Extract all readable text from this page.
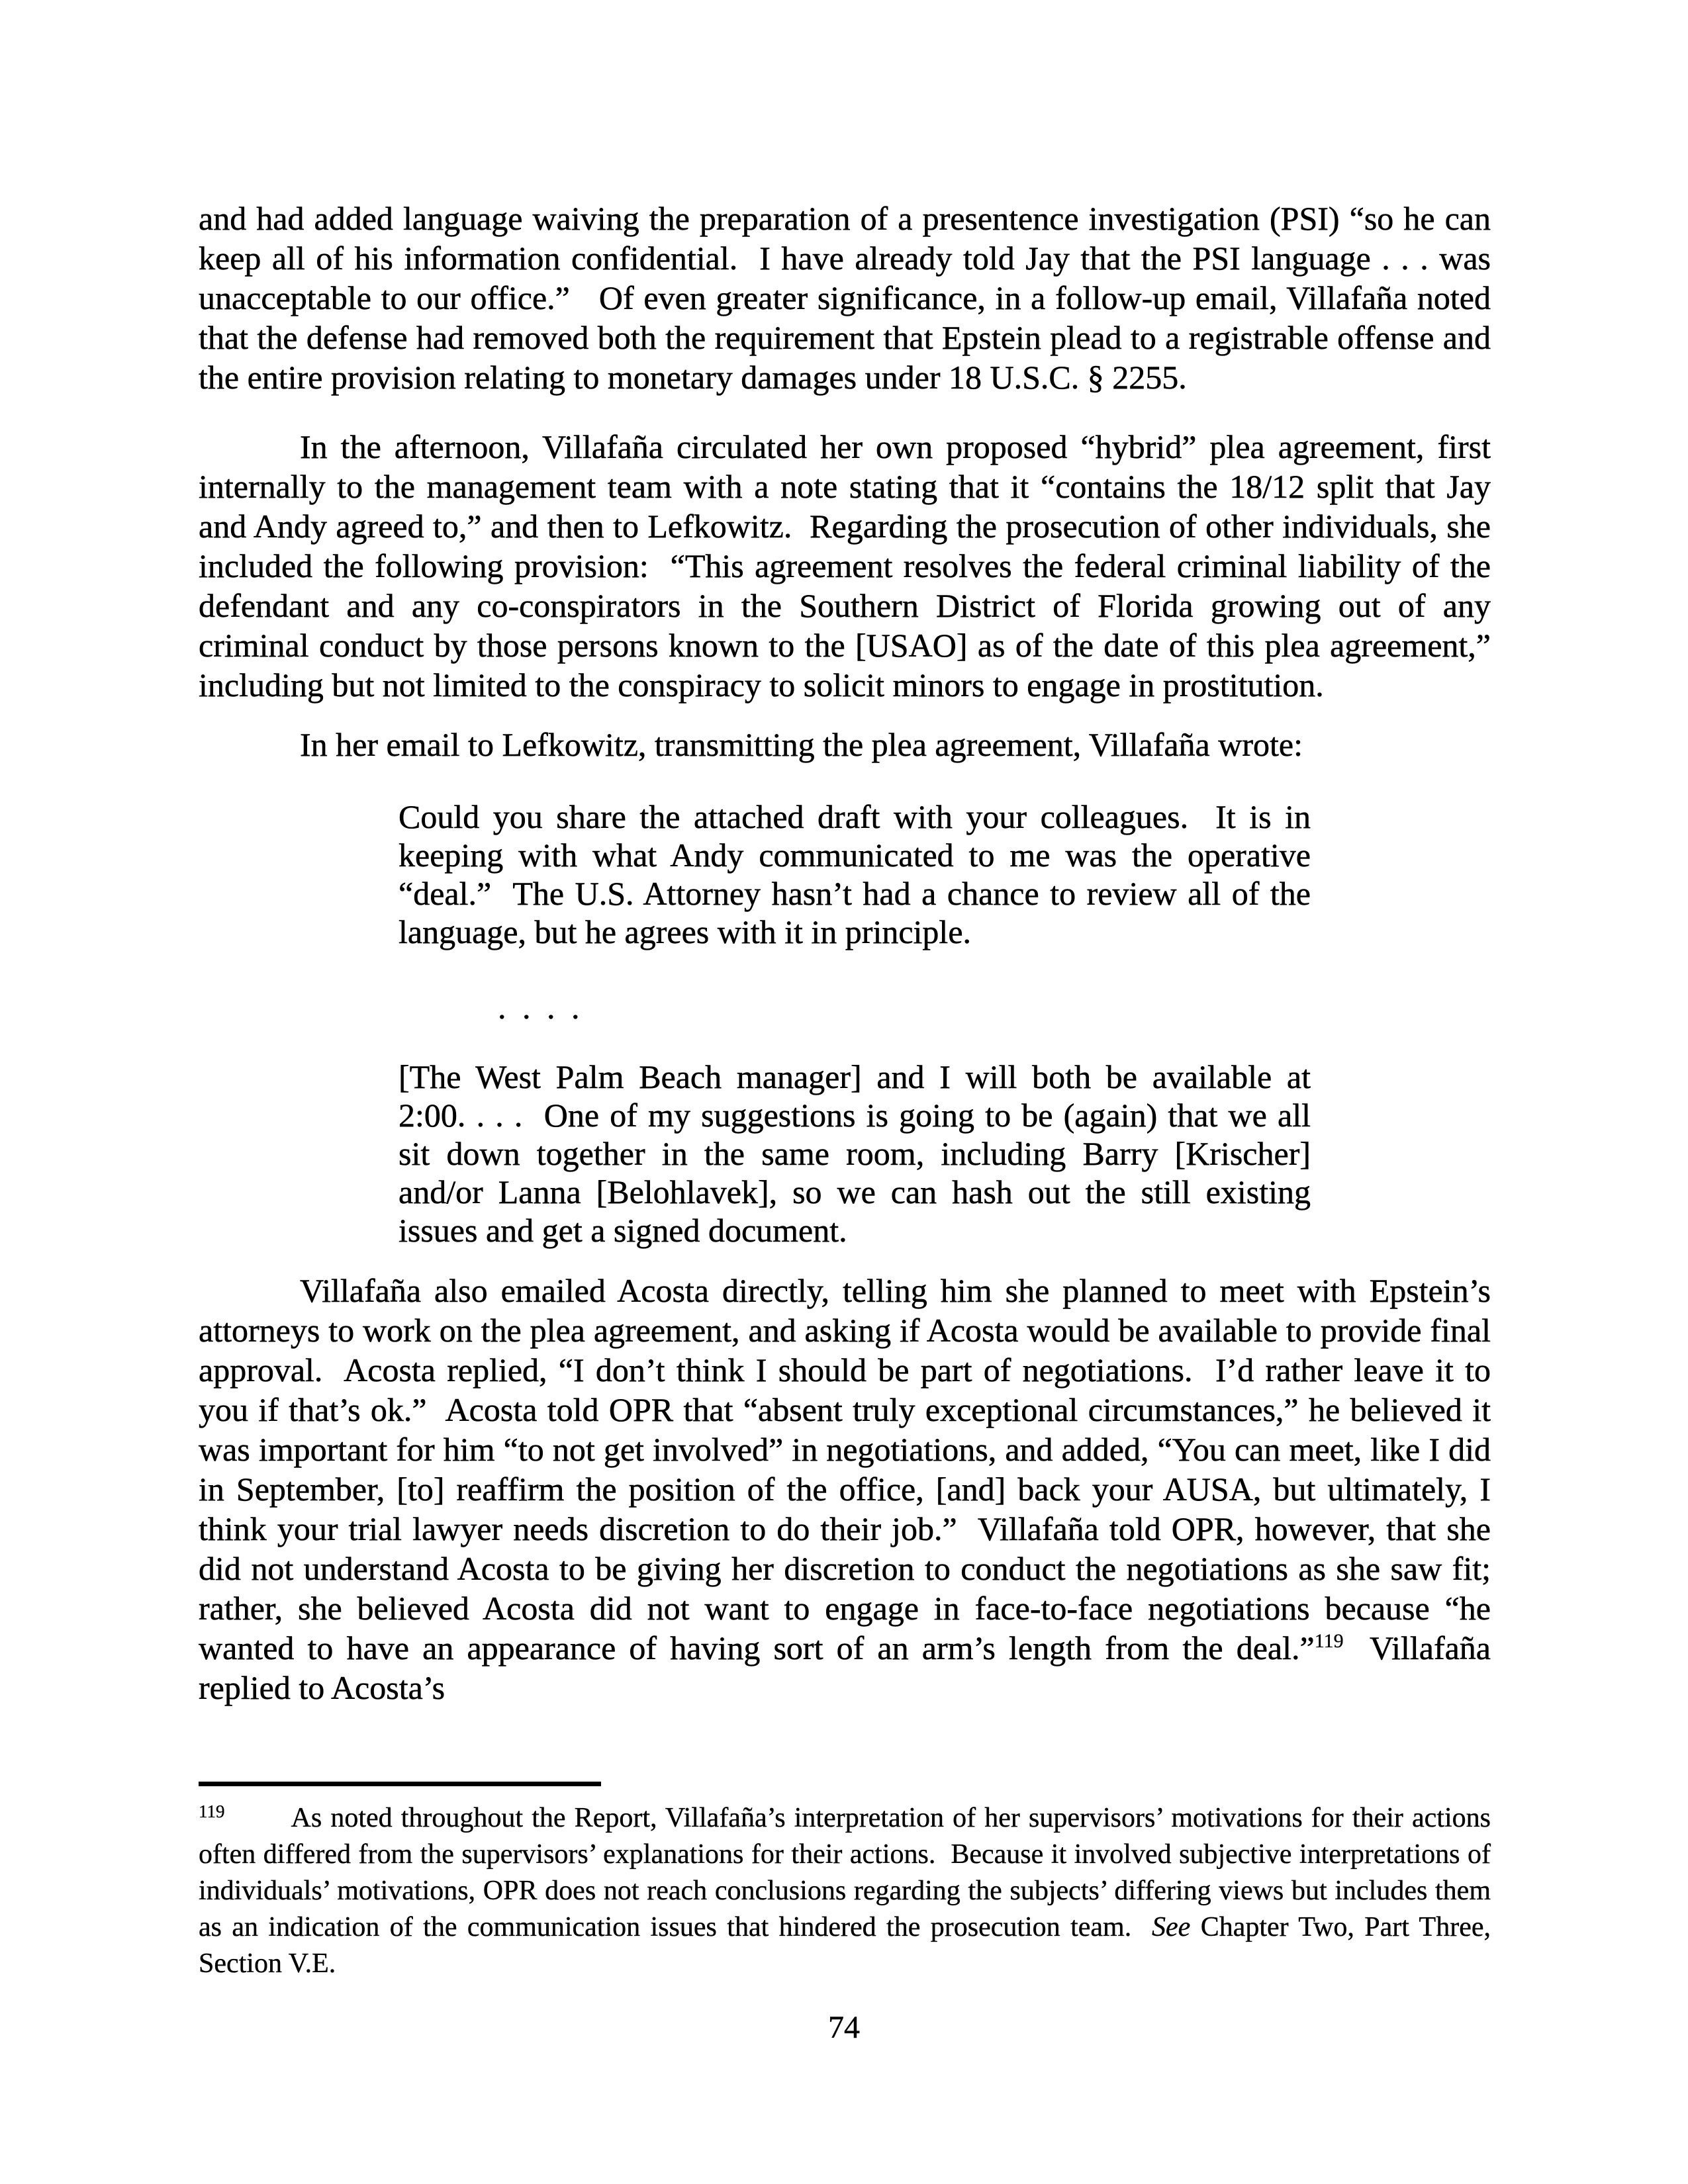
and had added language waiving the preparation of a presentence investigation (PSI) “so he can keep all of his information confidential.  I have already told Jay that the PSI language . . . was unacceptable to our office.”   Of even greater significance, in a follow-up email, Villafaña noted that the defense had removed both the requirement that Epstein plead to a registrable offense and the entire provision relating to monetary damages under 18 U.S.C. § 2255.
In the afternoon, Villafaña circulated her own proposed “hybrid” plea agreement, first internally to the management team with a note stating that it “contains the 18/12 split that Jay and Andy agreed to,” and then to Lefkowitz.  Regarding the prosecution of other individuals, she included the following provision:  “This agreement resolves the federal criminal liability of the defendant and any co-conspirators in the Southern District of Florida growing out of any criminal conduct by those persons known to the [USAO] as of the date of this plea agreement,” including but not limited to the conspiracy to solicit minors to engage in prostitution.
In her email to Lefkowitz, transmitting the plea agreement, Villafaña wrote:
Could you share the attached draft with your colleagues.  It is in keeping with what Andy communicated to me was the operative “deal.”  The U.S. Attorney hasn’t had a chance to review all of the language, but he agrees with it in principle.
. . . .
[The West Palm Beach manager] and I will both be available at 2:00. . . .  One of my suggestions is going to be (again) that we all sit down together in the same room, including Barry [Krischer] and/or Lanna [Belohlavek], so we can hash out the still existing issues and get a signed document.
Villafaña also emailed Acosta directly, telling him she planned to meet with Epstein’s attorneys to work on the plea agreement, and asking if Acosta would be available to provide final approval.  Acosta replied, “I don’t think I should be part of negotiations.  I’d rather leave it to you if that’s ok.”  Acosta told OPR that “absent truly exceptional circumstances,” he believed it was important for him “to not get involved” in negotiations, and added, “You can meet, like I did in September, [to] reaffirm the position of the office, [and] back your AUSA, but ultimately, I think your trial lawyer needs discretion to do their job.”  Villafaña told OPR, however, that she did not understand Acosta to be giving her discretion to conduct the negotiations as she saw fit; rather, she believed Acosta did not want to engage in face-to-face negotiations because “he wanted to have an appearance of having sort of an arm’s length from the deal.”$^{119}$  Villafaña replied to Acosta’s
$^{119}$ As noted throughout the Report, Villafaña’s interpretation of her supervisors’ motivations for their actions often differed from the supervisors’ explanations for their actions.  Because it involved subjective interpretations of individuals’ motivations, OPR does not reach conclusions regarding the subjects’ differing views but includes them as an indication of the communication issues that hindered the prosecution team.  See Chapter Two, Part Three, Section V.E.
74
